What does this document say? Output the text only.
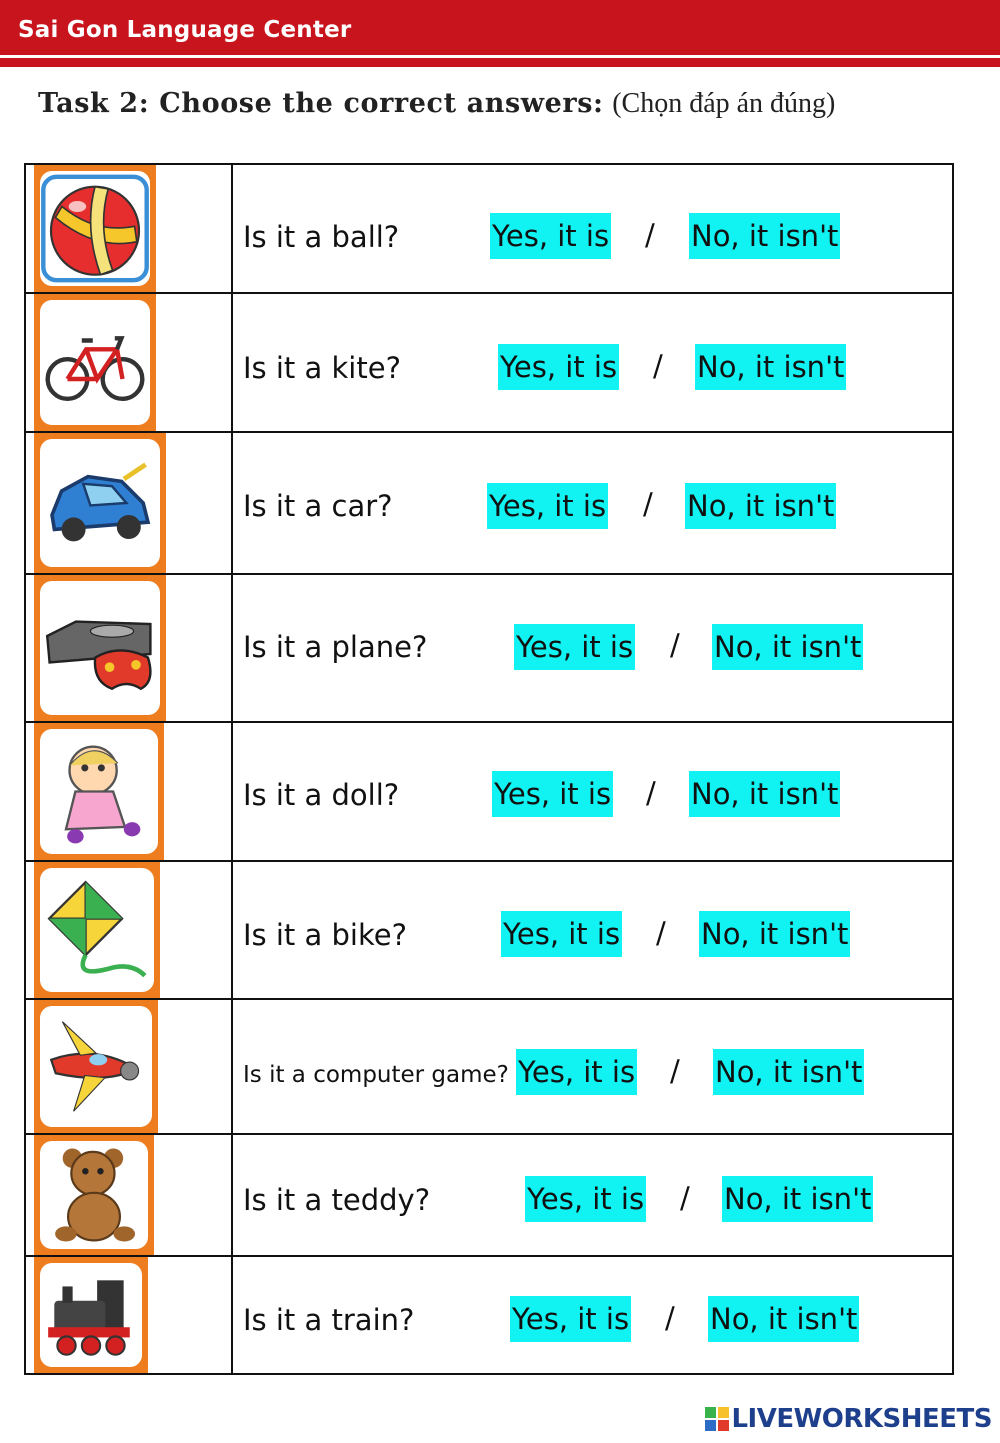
Sai Gon Language Center
Task 2: Choose the correct answers: (Chọn đáp án đúng)
Is it a ball?	Yes, it is / No, it isn't
Is it a kite?	Yes, it is / No, it isn't
Is it a car?	Yes, it is / No, it isn't
Is it a plane?	Yes, it is / No, it isn't
Is it a doll?	Yes, it is / No, it isn't
Is it a bike?	Yes, it is / No, it isn't
Is it a computer game? Yes, it is / No, it isn't
Is it a teddy?	Yes, it is / No, it isn't
Is it a train?	Yes, it is / No, it isn't
LIVEWORKSHEETS
